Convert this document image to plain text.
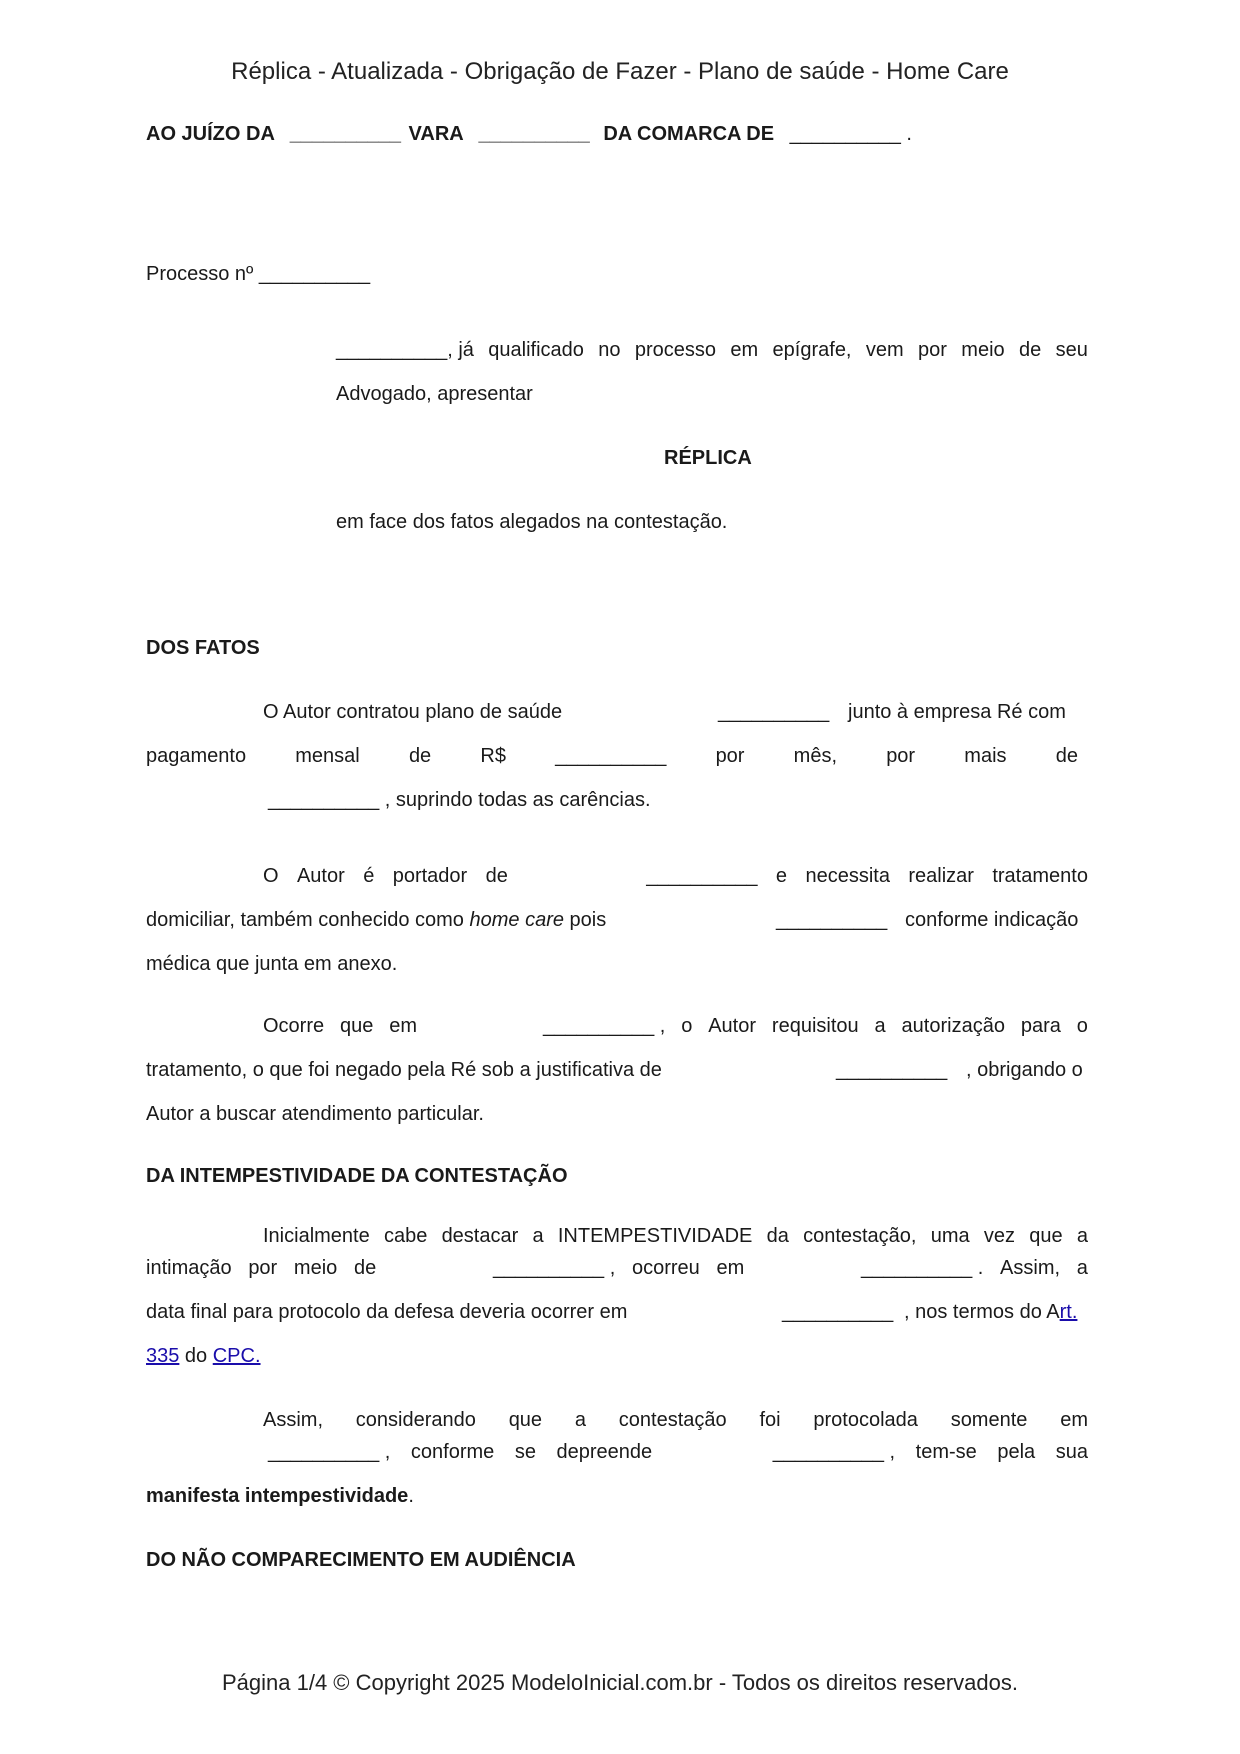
Réplica - Atualizada - Obrigação de Fazer - Plano de saúde - Home Care
AO JUÍZO DA __________ VARA __________ DA COMARCA DE __________ .
Processo nº __________
__________, já qualificado no processo em epígrafe, vem por meio de seu
Advogado, apresentar
RÉPLICA
em face dos fatos alegados na contestação.
DOS FATOS
O Autor contratou plano de saúde	__________ junto à empresa Ré com
pagamento mensal de R$ __________ por mês, por mais de
__________ , suprindo todas as carências.
O Autor é portador de	__________ e necessita realizar tratamento
domiciliar, também conhecido como home care pois	__________ conforme indicação
médica que junta em anexo.
Ocorre que em	__________ , o Autor requisitou a autorização para o
tratamento, o que foi negado pela Ré sob a justificativa de	__________ , obrigando o
Autor a buscar atendimento particular.
DA INTEMPESTIVIDADE DA CONTESTAÇÃO
Inicialmente cabe destacar a INTEMPESTIVIDADE da contestação, uma vez que a
intimação por meio de	__________ , ocorreu em	__________ . Assim, a
data final para protocolo da defesa deveria ocorrer em	__________ , nos termos do Art.
335 do CPC.
Assim, considerando que a contestação foi protocolada somente em
__________ , conforme se depreende	__________ , tem-se pela sua
manifesta intempestividade.
DO NÃO COMPARECIMENTO EM AUDIÊNCIA
Página 1/4 © Copyright 2025 ModeloInicial.com.br - Todos os direitos reservados.
